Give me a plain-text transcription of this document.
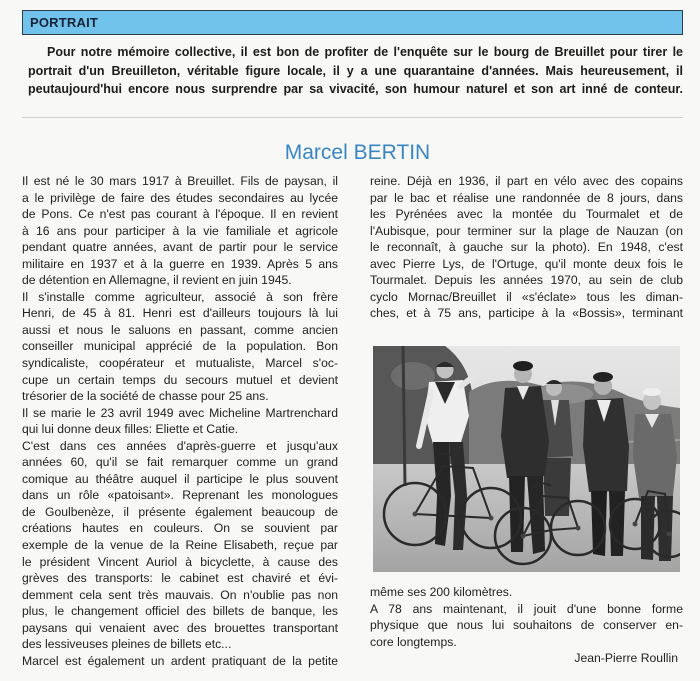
PORTRAIT
Pour notre mémoire collective, il est bon de profiter de l'enquête sur le bourg de Breuillet pour tirer le
portrait d'un Breuilleton, véritable figure locale, il y a une quarantaine d'années. Mais heureusement, il
peutaujourd'hui encore nous surprendre par sa vivacité, son humour naturel et son art inné de conteur.
Marcel BERTIN
Il est né le 30 mars 1917 à Breuillet. Fils de paysan, il
a le privilège de faire des études secondaires au lycée
de Pons. Ce n'est pas courant à l'époque. Il en revient
à 16 ans pour participer à la vie familiale et agricole
pendant quatre années, avant de partir pour le service
militaire en 1937 et à la guerre en 1939. Après 5 ans
de détention en Allemagne, il revient en juin 1945.
Il s'installe comme agriculteur, associé à son frère
Henri, de 45 à 81. Henri est d'ailleurs toujours là lui
aussi et nous le saluons en passant, comme ancien
conseiller municipal apprécié de la population. Bon
syndicaliste, coopérateur et mutualiste, Marcel s'oc-
cupe un certain temps du secours mutuel et devient
trésorier de la société de chasse pour 25 ans.
Il se marie le 23 avril 1949 avec Micheline Martrenchard
qui lui donne deux filles: Eliette et Catie.
C'est dans ces années d'après-guerre et jusqu'aux
années 60, qu'il se fait remarquer comme un grand
comique au théâtre auquel il participe le plus souvent
dans un rôle «patoisant». Reprenant les monologues
de Goulbenèze, il présente également beaucoup de
créations hautes en couleurs. On se souvient par
exemple de la venue de la Reine Elisabeth, reçue par
le président Vincent Auriol à bicyclette, à cause des
grèves des transports: le cabinet est chaviré et évi-
demment cela sent très mauvais. On n'oublie pas non
plus, le changement officiel des billets de banque, les
paysans qui venaient avec des brouettes transportant
des lessiveuses pleines de billets etc...
Marcel est également un ardent pratiquant de la petite
reine. Déjà en 1936, il part en vélo avec des copains
par le bac et réalise une randonnée de 8 jours, dans
les Pyrénées avec la montée du Tourmalet et de
l'Aubisque, pour terminer sur la plage de Nauzan (on
le reconnaît, à gauche sur la photo). En 1948, c'est
avec Pierre Lys, de l'Ortuge, qu'il monte deux fois le
Tourmalet. Depuis les années 1970, au sein de club
cyclo Mornac/Breuillet il «s'éclate» tous les diman-
ches, et à 75 ans, participe à la «Bossis», terminant
même ses 200 kilomètres.
A 78 ans maintenant, il jouit d'une bonne forme
physique que nous lui souhaitons de conserver en-
core longtemps.
Jean-Pierre Roullin
